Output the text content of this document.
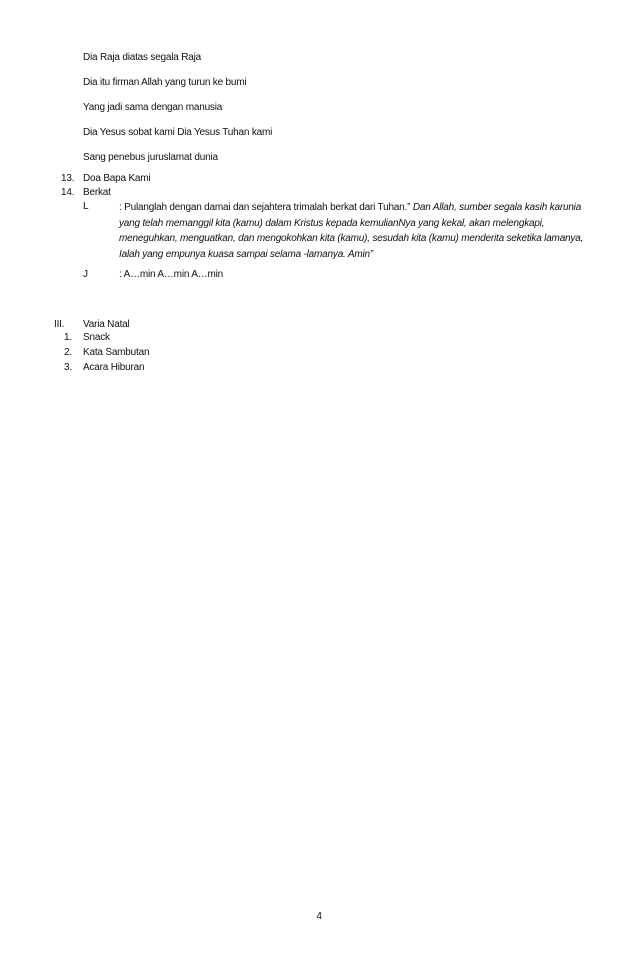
Dia Raja diatas segala Raja
Dia itu firman Allah yang turun ke bumi
Yang jadi sama dengan manusia
Dia Yesus sobat kami Dia Yesus Tuhan kami
Sang penebus juruslamat dunia
13. Doa Bapa Kami
14. Berkat
L	: Pulanglah dengan damai dan sejahtera trimalah berkat dari Tuhan.” Dan Allah, sumber segala kasih karunia yang telah memanggil kita (kamu) dalam Kristus kepada kemulianNya yang kekal, akan melengkapi, meneguhkan, menguatkan, dan mengokohkan kita (kamu), sesudah kita (kamu) menderita seketika lamanya, Ialah yang empunya kuasa sampai selama -lamanya. Amin”
J	: A…min A…min A…min
III. Varia Natal
1. Snack
2. Kata Sambutan
3. Acara Hiburan
4
